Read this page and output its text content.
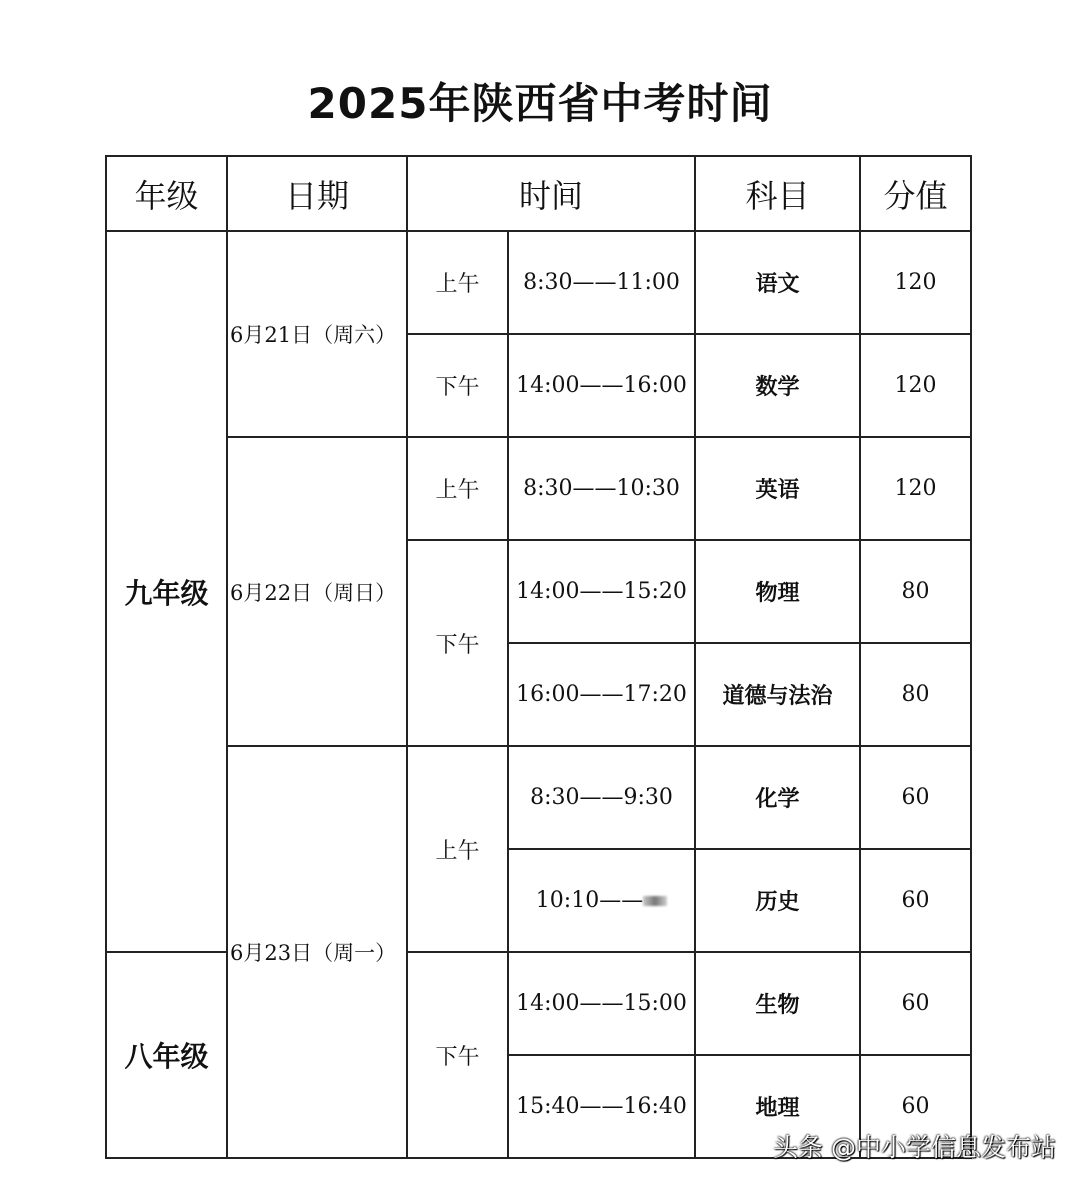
2025年陕西省中考时间
年级	日期	时间		科目	分值
九年级	6月21日（周六）	上午	8:30——11:00	语文	120
		下午	14:00——16:00	数学	120
	6月22日（周日）	上午	8:30——10:30	英语	120
		下午	14:00——15:20	物理	80
			16:00——17:20	道德与法治	80
	6月23日（周一）	上午	8:30——9:30	化学	60
			10:10——	历史	60
八年级		下午	14:00——15:00	生物	60
			15:40——16:40	地理	60
头条 @中小学信息发布站
